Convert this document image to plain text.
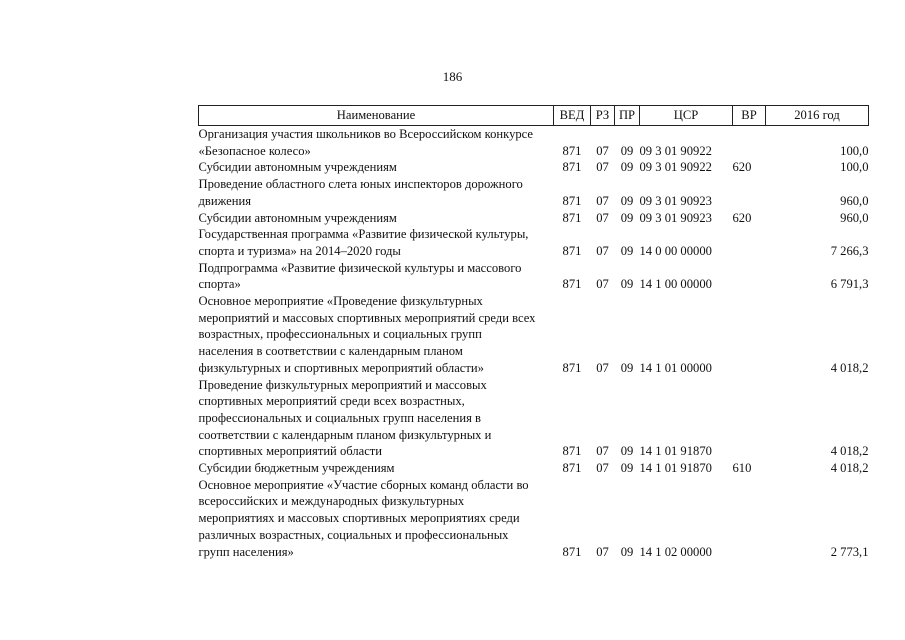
186
Наименование	ВЕД	РЗ	ПР	ЦСР	ВР	2016 год

Организация участия школьников во Всероссийском конкурсе
«Безопасное колесо»	871	07	09	09 3 01 90922		100,0

Субсидии автономным учреждениям	871	07	09	09 3 01 90922	620	100,0

Проведение областного слета юных инспекторов дорожного
движения	871	07	09	09 3 01 90923		960,0

Субсидии автономным учреждениям	871	07	09	09 3 01 90923	620	960,0

Государственная программа «Развитие физической культуры,
спорта и туризма» на 2014–2020 годы	871	07	09	14 0 00 00000		7 266,3

Подпрограмма «Развитие физической культуры и массового
спорта»	871	07	09	14 1 00 00000		6 791,3

Основное мероприятие «Проведение физкультурных
мероприятий и массовых спортивных мероприятий среди всех
возрастных, профессиональных и социальных групп
населения в соответствии с календарным планом
физкультурных и спортивных мероприятий области»	871	07	09	14 1 01 00000		4 018,2

Проведение физкультурных мероприятий и массовых
спортивных мероприятий среди всех возрастных,
профессиональных и социальных групп населения в
соответствии с календарным планом физкультурных и
спортивных мероприятий области	871	07	09	14 1 01 91870		4 018,2

Субсидии бюджетным учреждениям	871	07	09	14 1 01 91870	610	4 018,2

Основное мероприятие «Участие сборных команд области во
всероссийских и международных физкультурных
мероприятиях и массовых спортивных мероприятиях среди
различных возрастных, социальных и профессиональных
групп населения»	871	07	09	14 1 02 00000		2 773,1
